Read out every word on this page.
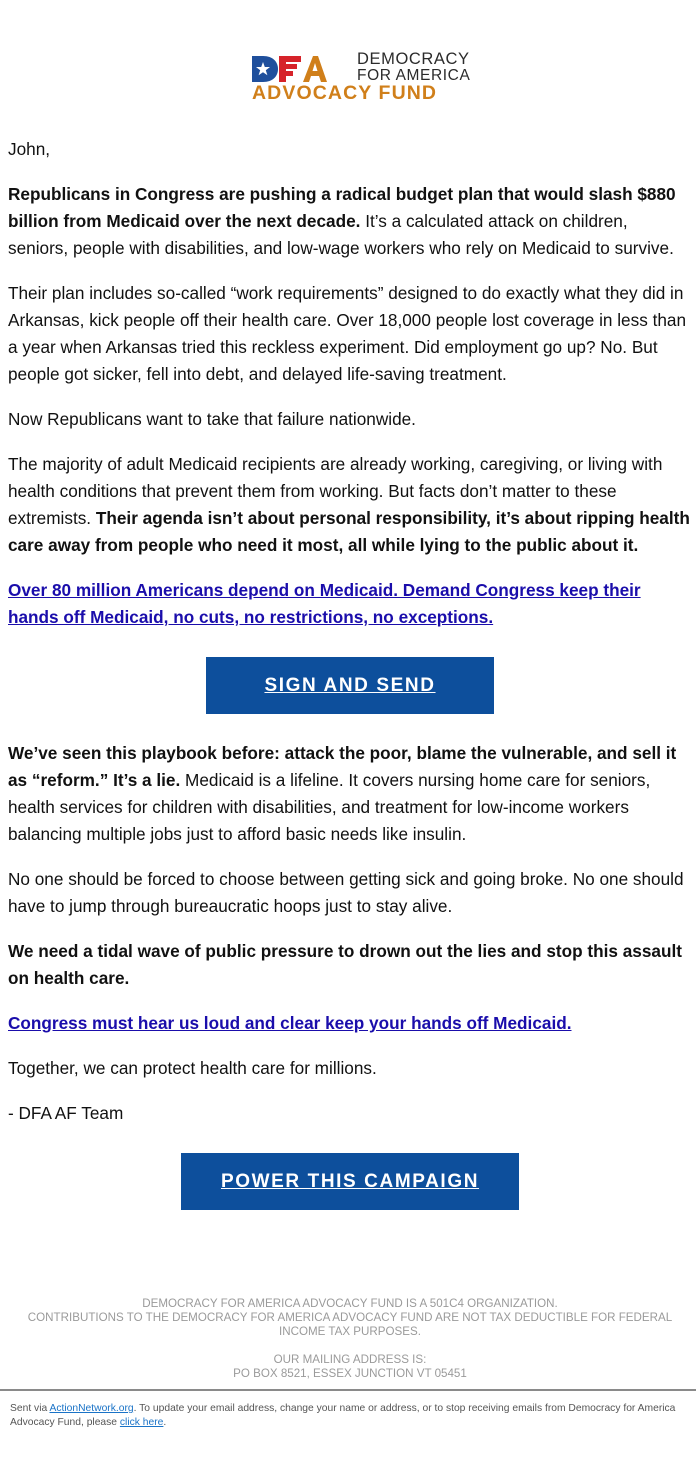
DEMOCRACY
FOR AMERICA
ADVOCACY FUND

John,

Republicans in Congress are pushing a radical budget plan that would slash $880 billion from Medicaid over the next decade. It’s a calculated attack on children, seniors, people with disabilities, and low-wage workers who rely on Medicaid to survive.

Their plan includes so-called “work requirements” designed to do exactly what they did in Arkansas, kick people off their health care. Over 18,000 people lost coverage in less than a year when Arkansas tried this reckless experiment. Did employment go up? No. But people got sicker, fell into debt, and delayed life-saving treatment.

Now Republicans want to take that failure nationwide.

The majority of adult Medicaid recipients are already working, caregiving, or living with health conditions that prevent them from working. But facts don’t matter to these extremists. Their agenda isn’t about personal responsibility, it’s about ripping health care away from people who need it most, all while lying to the public about it.

Over 80 million Americans depend on Medicaid. Demand Congress keep their hands off Medicaid, no cuts, no restrictions, no exceptions.

SIGN AND SEND

We’ve seen this playbook before: attack the poor, blame the vulnerable, and sell it as “reform.” It’s a lie. Medicaid is a lifeline. It covers nursing home care for seniors, health services for children with disabilities, and treatment for low-income workers balancing multiple jobs just to afford basic needs like insulin.

No one should be forced to choose between getting sick and going broke. No one should have to jump through bureaucratic hoops just to stay alive.

We need a tidal wave of public pressure to drown out the lies and stop this assault on health care.

Congress must hear us loud and clear keep your hands off Medicaid.

Together, we can protect health care for millions.

- DFA AF Team

POWER THIS CAMPAIGN
DEMOCRACY FOR AMERICA ADVOCACY FUND IS A 501C4 ORGANIZATION.
CONTRIBUTIONS TO THE DEMOCRACY FOR AMERICA ADVOCACY FUND ARE NOT TAX DEDUCTIBLE FOR FEDERAL INCOME TAX PURPOSES.
OUR MAILING ADDRESS IS:
PO BOX 8521, ESSEX JUNCTION VT 05451
Sent via ActionNetwork.org. To update your email address, change your name or address, or to stop receiving emails from Democracy for America Advocacy Fund, please click here.
